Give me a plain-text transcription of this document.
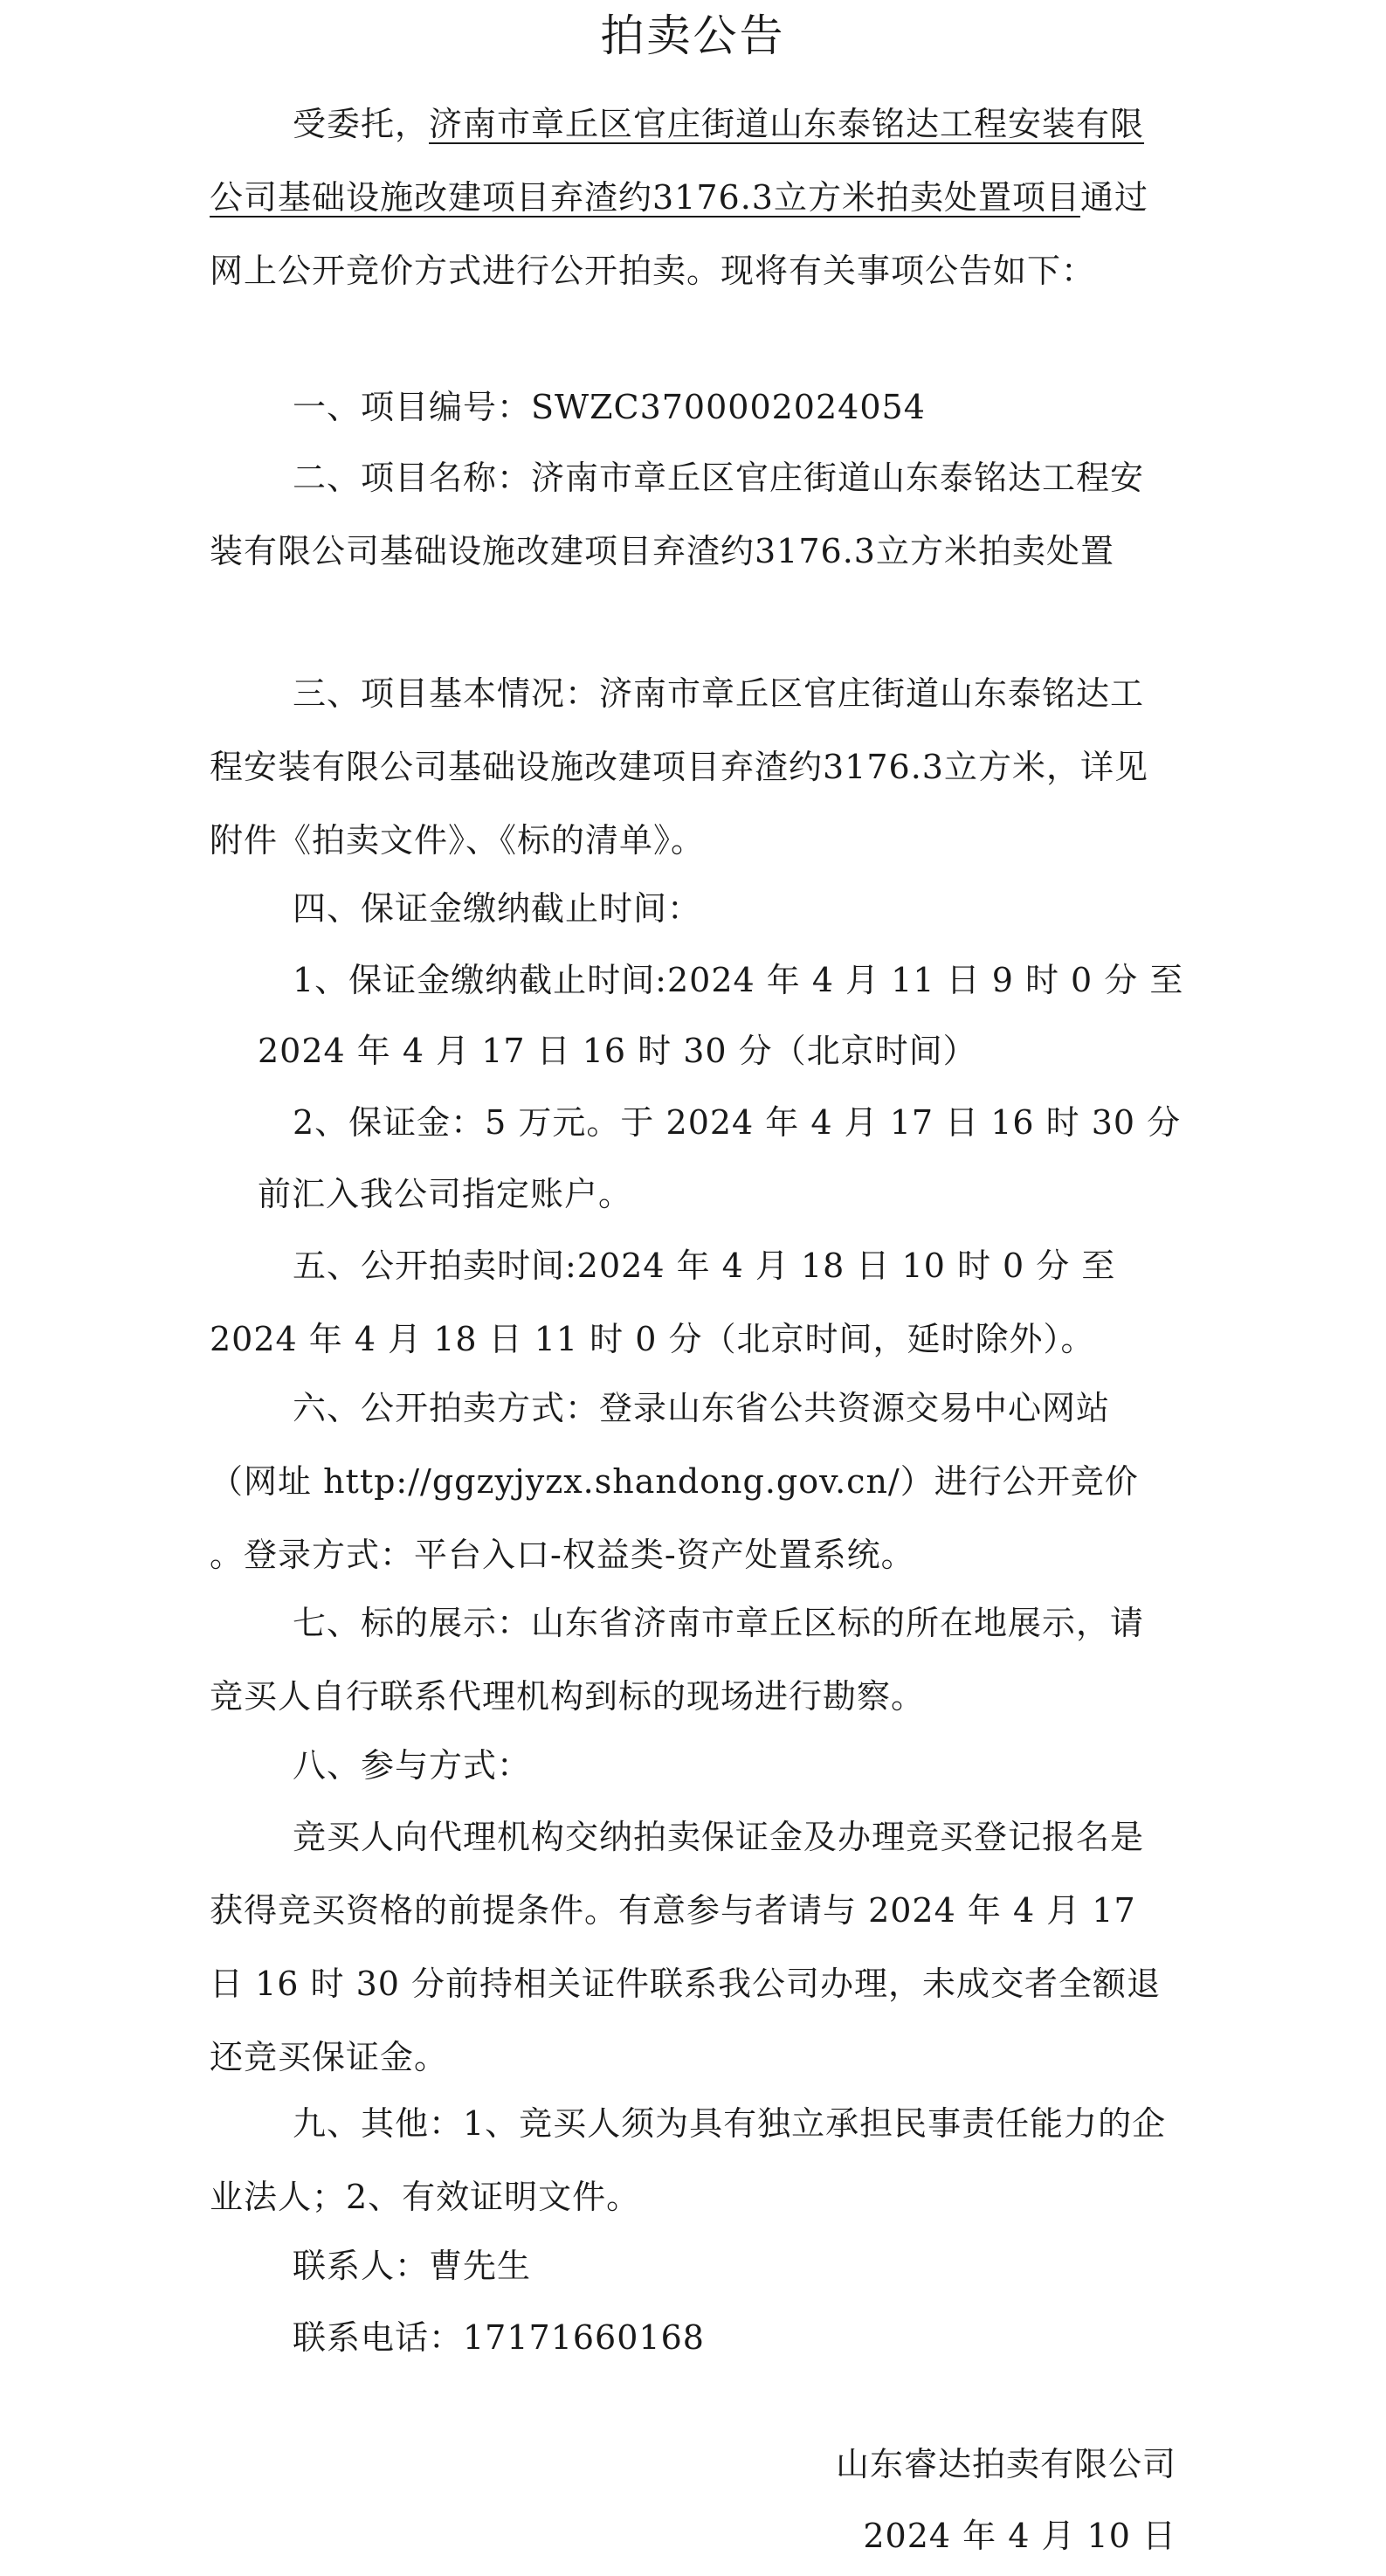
拍卖公告
受委托，济南市章丘区官庄街道山东泰铭达工程安装有限公司基础设施改建项目弃渣约3176.3立方米拍卖处置项目通过网上公开竞价方式进行公开拍卖。现将有关事项公告如下：
一、项目编号：SWZC3700002024054
二、项目名称：济南市章丘区官庄街道山东泰铭达工程安装有限公司基础设施改建项目弃渣约3176.3立方米拍卖处置
三、项目基本情况：济南市章丘区官庄街道山东泰铭达工程安装有限公司基础设施改建项目弃渣约3176.3立方米，详见附件《拍卖文件》、《标的清单》。
四、保证金缴纳截止时间：
1、保证金缴纳截止时间:2024 年 4 月 11 日 9 时 0 分 至
2024 年 4 月 17 日 16 时 30 分（北京时间）
2、保证金：5 万元。于 2024 年 4 月 17 日 16 时 30 分
前汇入我公司指定账户。
五、公开拍卖时间:2024 年 4 月 18 日 10 时 0 分 至 2024 年 4 月 18 日 11 时 0 分（北京时间，延时除外）。
六、公开拍卖方式：登录山东省公共资源交易中心网站（网址 http://ggzyjyzx.shandong.gov.cn/）进行公开竞价 。登录方式：平台入口-权益类-资产处置系统。
七、标的展示：山东省济南市章丘区标的所在地展示，请竞买人自行联系代理机构到标的现场进行勘察。
八、参与方式：
竞买人向代理机构交纳拍卖保证金及办理竞买登记报名是获得竞买资格的前提条件。有意参与者请与 2024 年 4 月 17 日 16 时 30 分前持相关证件联系我公司办理，未成交者全额退还竞买保证金。
九、其他：1、竞买人须为具有独立承担民事责任能力的企业法人；2、有效证明文件。
联系人：曹先生
联系电话：17171660168
山东睿达拍卖有限公司
2024 年 4 月 10 日
